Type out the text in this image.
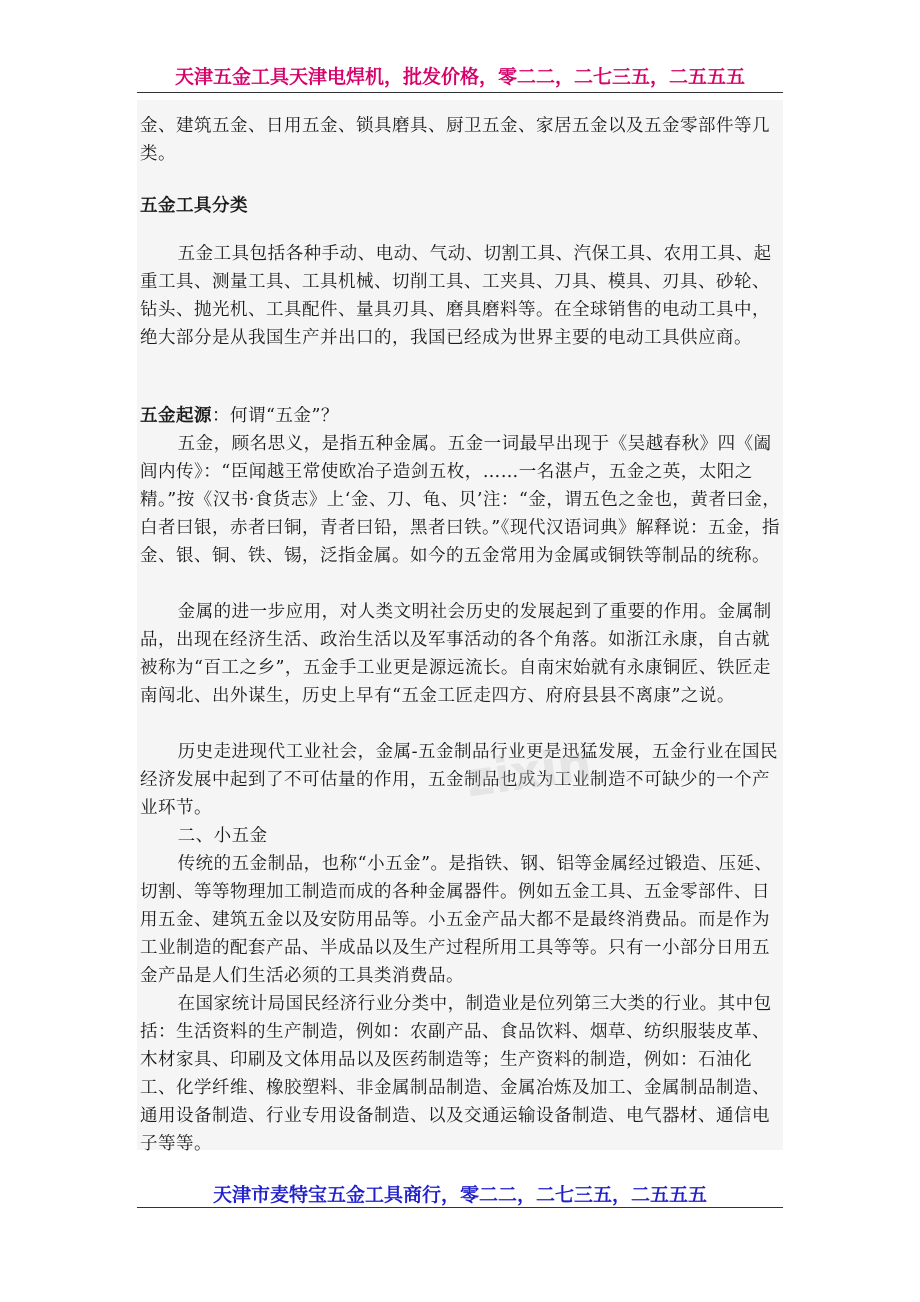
天津五金工具天津电焊机，批发价格，零二二，二七三五，二五五五

金、建筑五金、日用五金、锁具磨具、厨卫五金、家居五金以及五金零部件等几类。

五金工具分类

五金工具包括各种手动、电动、气动、切割工具、汽保工具、农用工具、起重工具、测量工具、工具机械、切削工具、工夹具、刀具、模具、刃具、砂轮、钻头、抛光机、工具配件、量具刃具、磨具磨料等。在全球销售的电动工具中，绝大部分是从我国生产并出口的，我国已经成为世界主要的电动工具供应商。

五金起源：何谓“五金”？

五金，顾名思义，是指五种金属。五金一词最早出现于《吴越春秋》四《阖闾内传》：“臣闻越王常使欧冶子造剑五枚，……一名湛卢，五金之英，太阳之精。”按《汉书·食货志》上‘金、刀、龟、贝’注：“金，谓五色之金也，黄者曰金，白者曰银，赤者曰铜，青者曰铅，黑者曰铁。”《现代汉语词典》解释说：五金，指金、银、铜、铁、锡，泛指金属。如今的五金常用为金属或铜铁等制品的统称。

金属的进一步应用，对人类文明社会历史的发展起到了重要的作用。金属制品，出现在经济生活、政治生活以及军事活动的各个角落。如浙江永康，自古就被称为“百工之乡”，五金手工业更是源远流长。自南宋始就有永康铜匠、铁匠走南闯北、出外谋生，历史上早有“五金工匠走四方、府府县县不离康”之说。

历史走进现代工业社会，金属-五金制品行业更是迅猛发展，五金行业在国民经济发展中起到了不可估量的作用，五金制品也成为工业制造不可缺少的一个产业环节。

二、小五金

传统的五金制品，也称“小五金”。是指铁、钢、铝等金属经过锻造、压延、切割、等等物理加工制造而成的各种金属器件。例如五金工具、五金零部件、日用五金、建筑五金以及安防用品等。小五金产品大都不是最终消费品。而是作为工业制造的配套产品、半成品以及生产过程所用工具等等。只有一小部分日用五金产品是人们生活必须的工具类消费品。

在国家统计局国民经济行业分类中，制造业是位列第三大类的行业。其中包括：生活资料的生产制造，例如：农副产品、食品饮料、烟草、纺织服装皮革、木材家具、印刷及文体用品以及医药制造等；生产资料的制造，例如：石油化工、化学纤维、橡胶塑料、非金属制品制造、金属冶炼及加工、金属制品制造、通用设备制造、行业专用设备制造、以及交通运输设备制造、电气器材、通信电子等等。

zixin
天津市麦特宝五金工具商行，零二二，二七三五，二五五五
